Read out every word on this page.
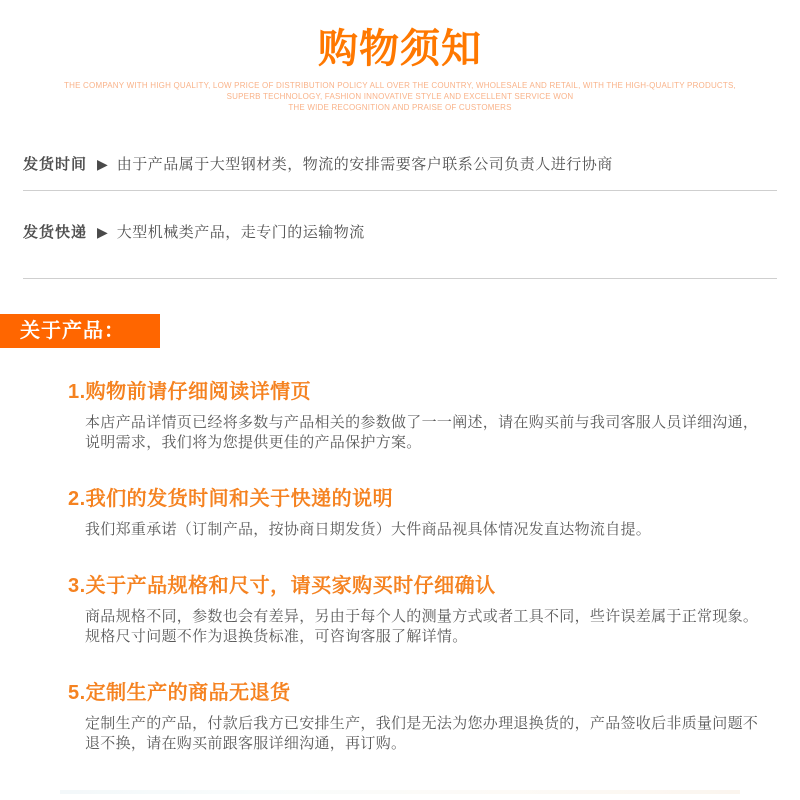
购物须知
THE COMPANY WITH HIGH QUALITY, LOW PRICE OF DISTRIBUTION POLICY ALL OVER THE COUNTRY, WHOLESALE AND RETAIL, WITH THE HIGH-QUALITY PRODUCTS,
SUPERB TECHNOLOGY, FASHION INNOVATIVE STYLE AND EXCELLENT SERVICE WON
THE WIDE RECOGNITION AND PRAISE OF CUSTOMERS
发货时间 ▶ 由于产品属于大型钢材类，物流的安排需要客户联系公司负责人进行协商
发货快递 ▶ 大型机械类产品，走专门的运输物流
关于产品：
1.购物前请仔细阅读详情页
本店产品详情页已经将多数与产品相关的参数做了一一阐述，请在购买前与我司客服人员详细沟通，说明需求，我们将为您提供更佳的产品保护方案。
2.我们的发货时间和关于快递的说明
我们郑重承诺（订制产品，按协商日期发货）大件商品视具体情况发直达物流自提。
3.关于产品规格和尺寸，请买家购买时仔细确认
商品规格不同，参数也会有差异，另由于每个人的测量方式或者工具不同，些许误差属于正常现象。规格尺寸问题不作为退换货标准，可咨询客服了解详情。
5.定制生产的商品无退货
定制生产的产品，付款后我方已安排生产，我们是无法为您办理退换货的，产品签收后非质量问题不退不换，请在购买前跟客服详细沟通，再订购。
